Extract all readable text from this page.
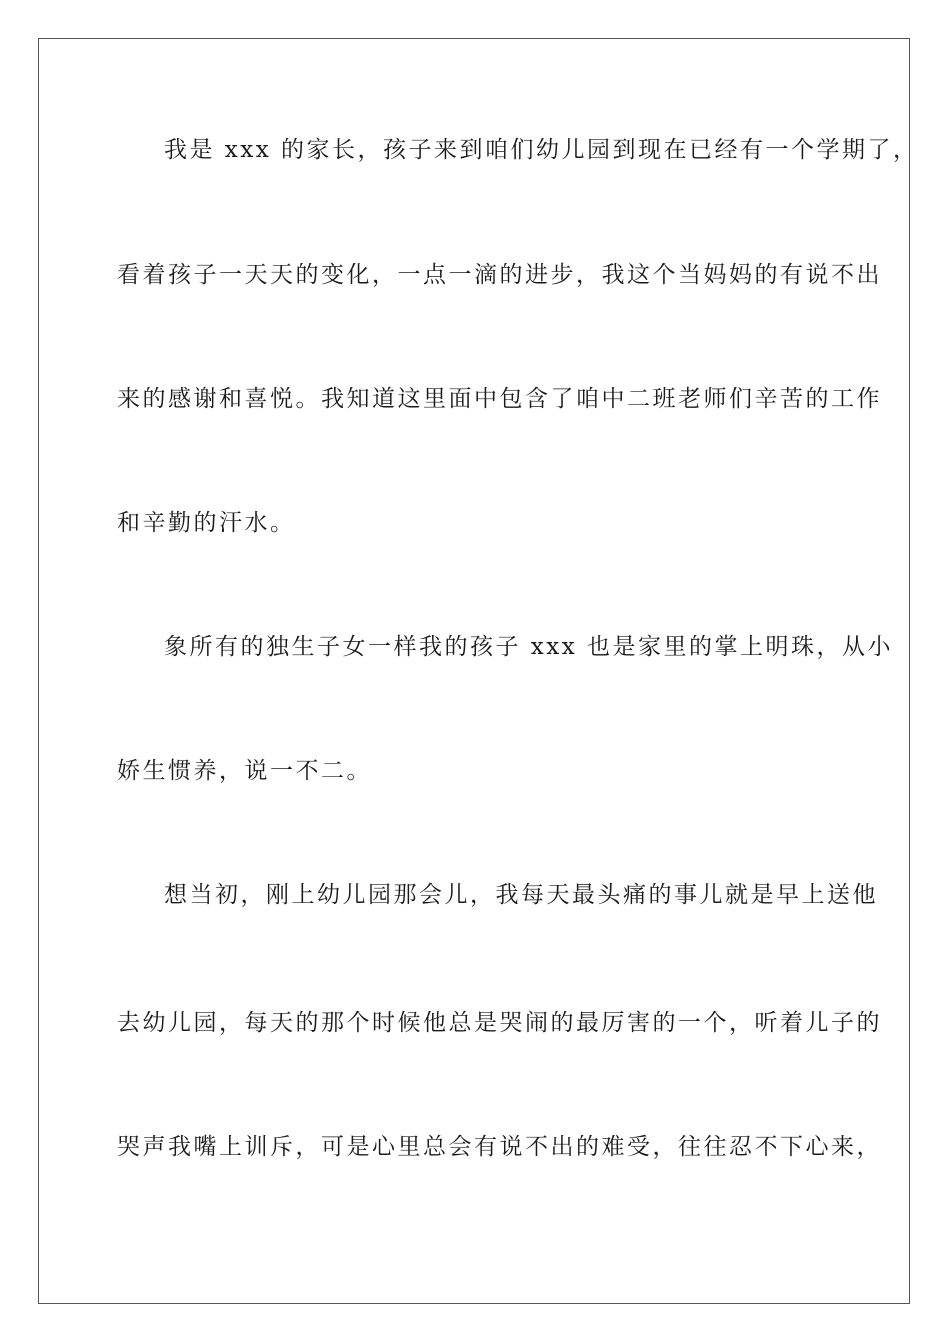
我是 xxx 的家长，孩子来到咱们幼儿园到现在已经有一个学期了，
看着孩子一天天的变化，一点一滴的进步，我这个当妈妈的有说不出
来的感谢和喜悦。我知道这里面中包含了咱中二班老师们辛苦的工作
和辛勤的汗水。
象所有的独生子女一样我的孩子 xxx 也是家里的掌上明珠，从小
娇生惯养，说一不二。
想当初，刚上幼儿园那会儿，我每天最头痛的事儿就是早上送他
去幼儿园，每天的那个时候他总是哭闹的最厉害的一个，听着儿子的
哭声我嘴上训斥，可是心里总会有说不出的难受，往往忍不下心来，
